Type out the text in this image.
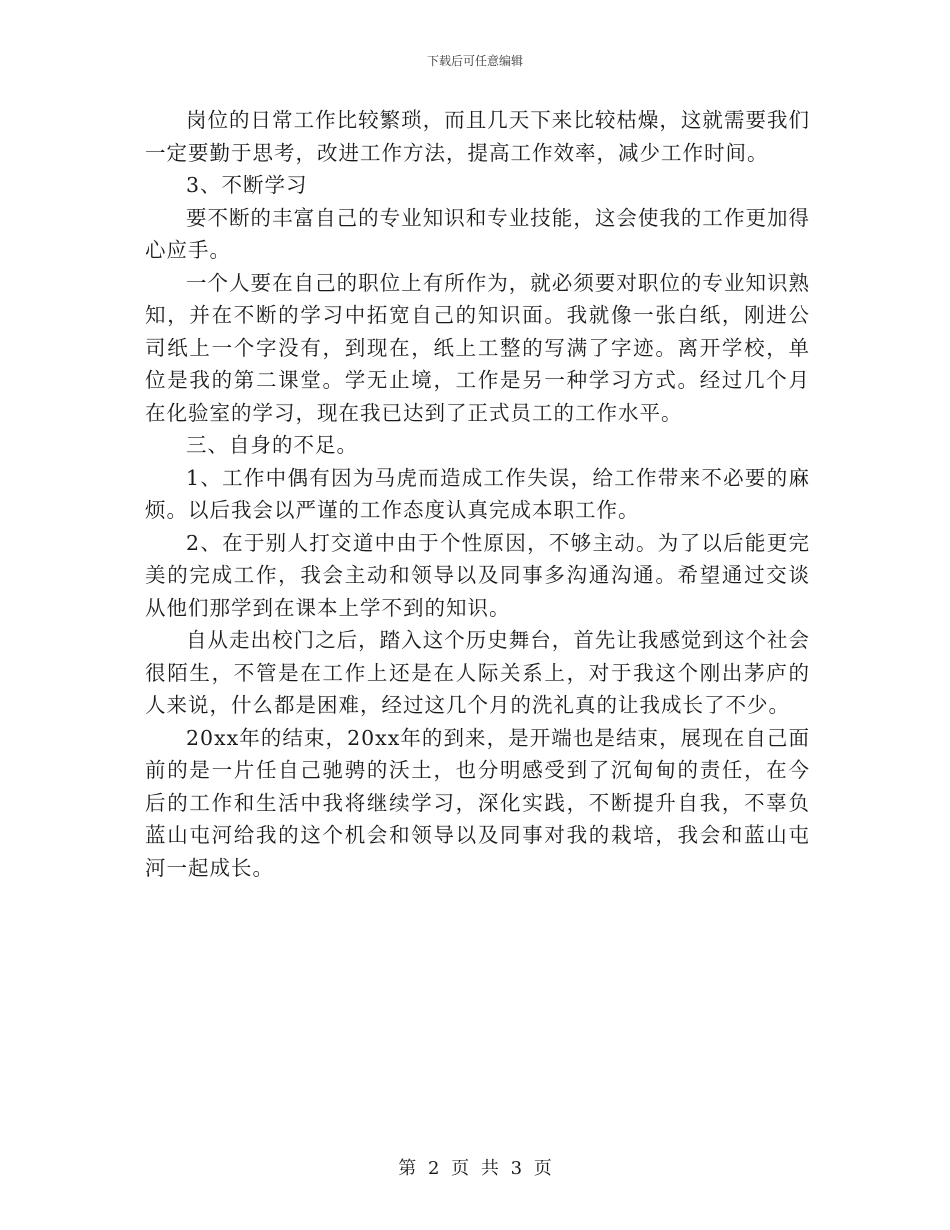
下载后可任意编辑

岗位的日常工作比较繁琐，而且几天下来比较枯燥，这就需要我们一定要勤于思考，改进工作方法，提高工作效率，减少工作时间。

3、不断学习

要不断的丰富自己的专业知识和专业技能，这会使我的工作更加得心应手。

一个人要在自己的职位上有所作为，就必须要对职位的专业知识熟知，并在不断的学习中拓宽自己的知识面。我就像一张白纸，刚进公司纸上一个字没有，到现在，纸上工整的写满了字迹。离开学校，单位是我的第二课堂。学无止境，工作是另一种学习方式。经过几个月在化验室的学习，现在我已达到了正式员工的工作水平。

三、自身的不足。

1、工作中偶有因为马虎而造成工作失误，给工作带来不必要的麻烦。以后我会以严谨的工作态度认真完成本职工作。

2、在于别人打交道中由于个性原因，不够主动。为了以后能更完美的完成工作，我会主动和领导以及同事多沟通沟通。希望通过交谈从他们那学到在课本上学不到的知识。

自从走出校门之后，踏入这个历史舞台，首先让我感觉到这个社会很陌生，不管是在工作上还是在人际关系上，对于我这个刚出茅庐的人来说，什么都是困难，经过这几个月的洗礼真的让我成长了不少。

20xx年的结束，20xx年的到来，是开端也是结束，展现在自己面前的是一片任自己驰骋的沃土，也分明感受到了沉甸甸的责任，在今后的工作和生活中我将继续学习，深化实践，不断提升自我，不辜负蓝山屯河给我的这个机会和领导以及同事对我的栽培，我会和蓝山屯河一起成长。

第 2 页 共 3 页
